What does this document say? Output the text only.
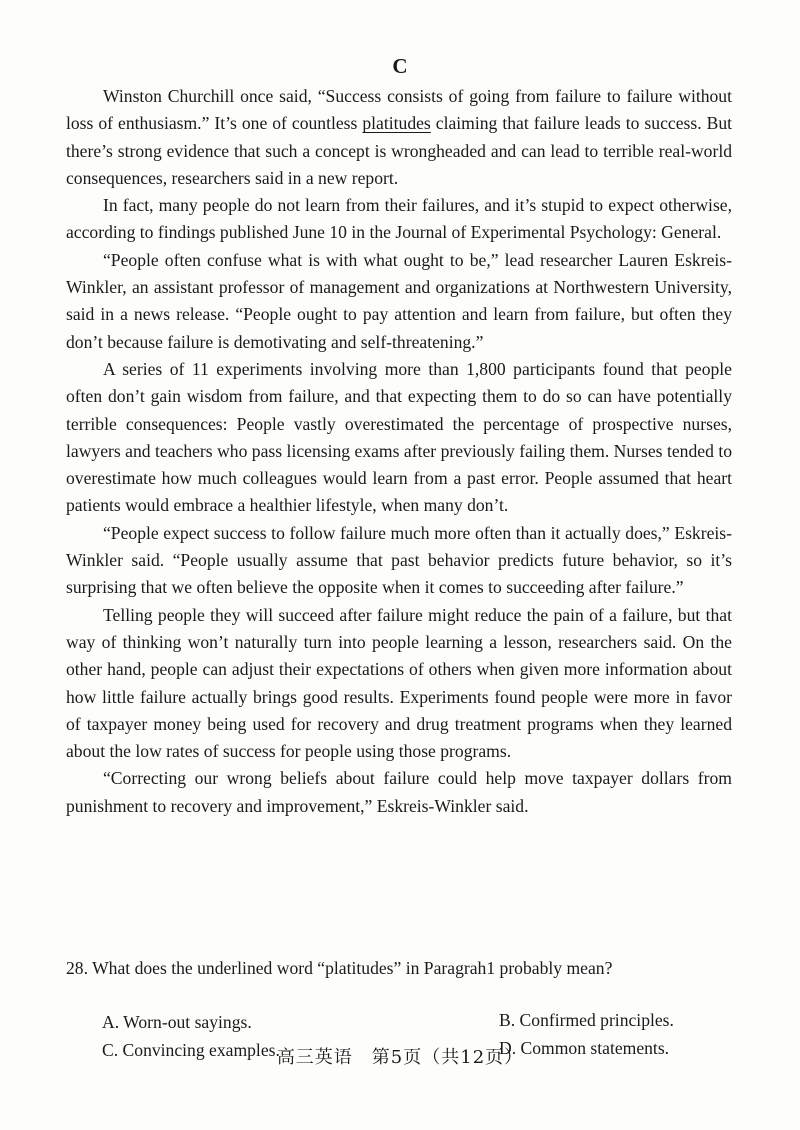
C

Winston Churchill once said, “Success consists of going from failure to failure without loss of enthusiasm.” It’s one of countless platitudes claiming that failure leads to success. But there’s strong evidence that such a concept is wrongheaded and can lead to terrible real-world consequences, researchers said in a new report.

In fact, many people do not learn from their failures, and it’s stupid to expect otherwise, according to findings published June 10 in the Journal of Experimental Psychology: General.

“People often confuse what is with what ought to be,” lead researcher Lauren Eskreis-Winkler, an assistant professor of management and organizations at Northwestern University, said in a news release. “People ought to pay attention and learn from failure, but often they don’t because failure is demotivating and self-threatening.”

A series of 11 experiments involving more than 1,800 participants found that people often don’t gain wisdom from failure, and that expecting them to do so can have potentially terrible consequences: People vastly overestimated the percentage of prospective nurses, lawyers and teachers who pass licensing exams after previously failing them. Nurses tended to overestimate how much colleagues would learn from a past error. People assumed that heart patients would embrace a healthier lifestyle, when many don’t.

“People expect success to follow failure much more often than it actually does,” Eskreis-Winkler said. “People usually assume that past behavior predicts future behavior, so it’s surprising that we often believe the opposite when it comes to succeeding after failure.”

Telling people they will succeed after failure might reduce the pain of a failure, but that way of thinking won’t naturally turn into people learning a lesson, researchers said. On the other hand, people can adjust their expectations of others when given more information about how little failure actually brings good results. Experiments found people were more in favor of taxpayer money being used for recovery and drug treatment programs when they learned about the low rates of success for people using those programs.

“Correcting our wrong beliefs about failure could help move taxpayer dollars from punishment to recovery and improvement,” Eskreis-Winkler said.

28. What does the underlined word “platitudes” in Paragrah1 probably mean?

A. Worn-out sayings.	B. Confirmed principles.
C. Convincing examples.	D. Common statements.
高三英语　第5页（共12页）
